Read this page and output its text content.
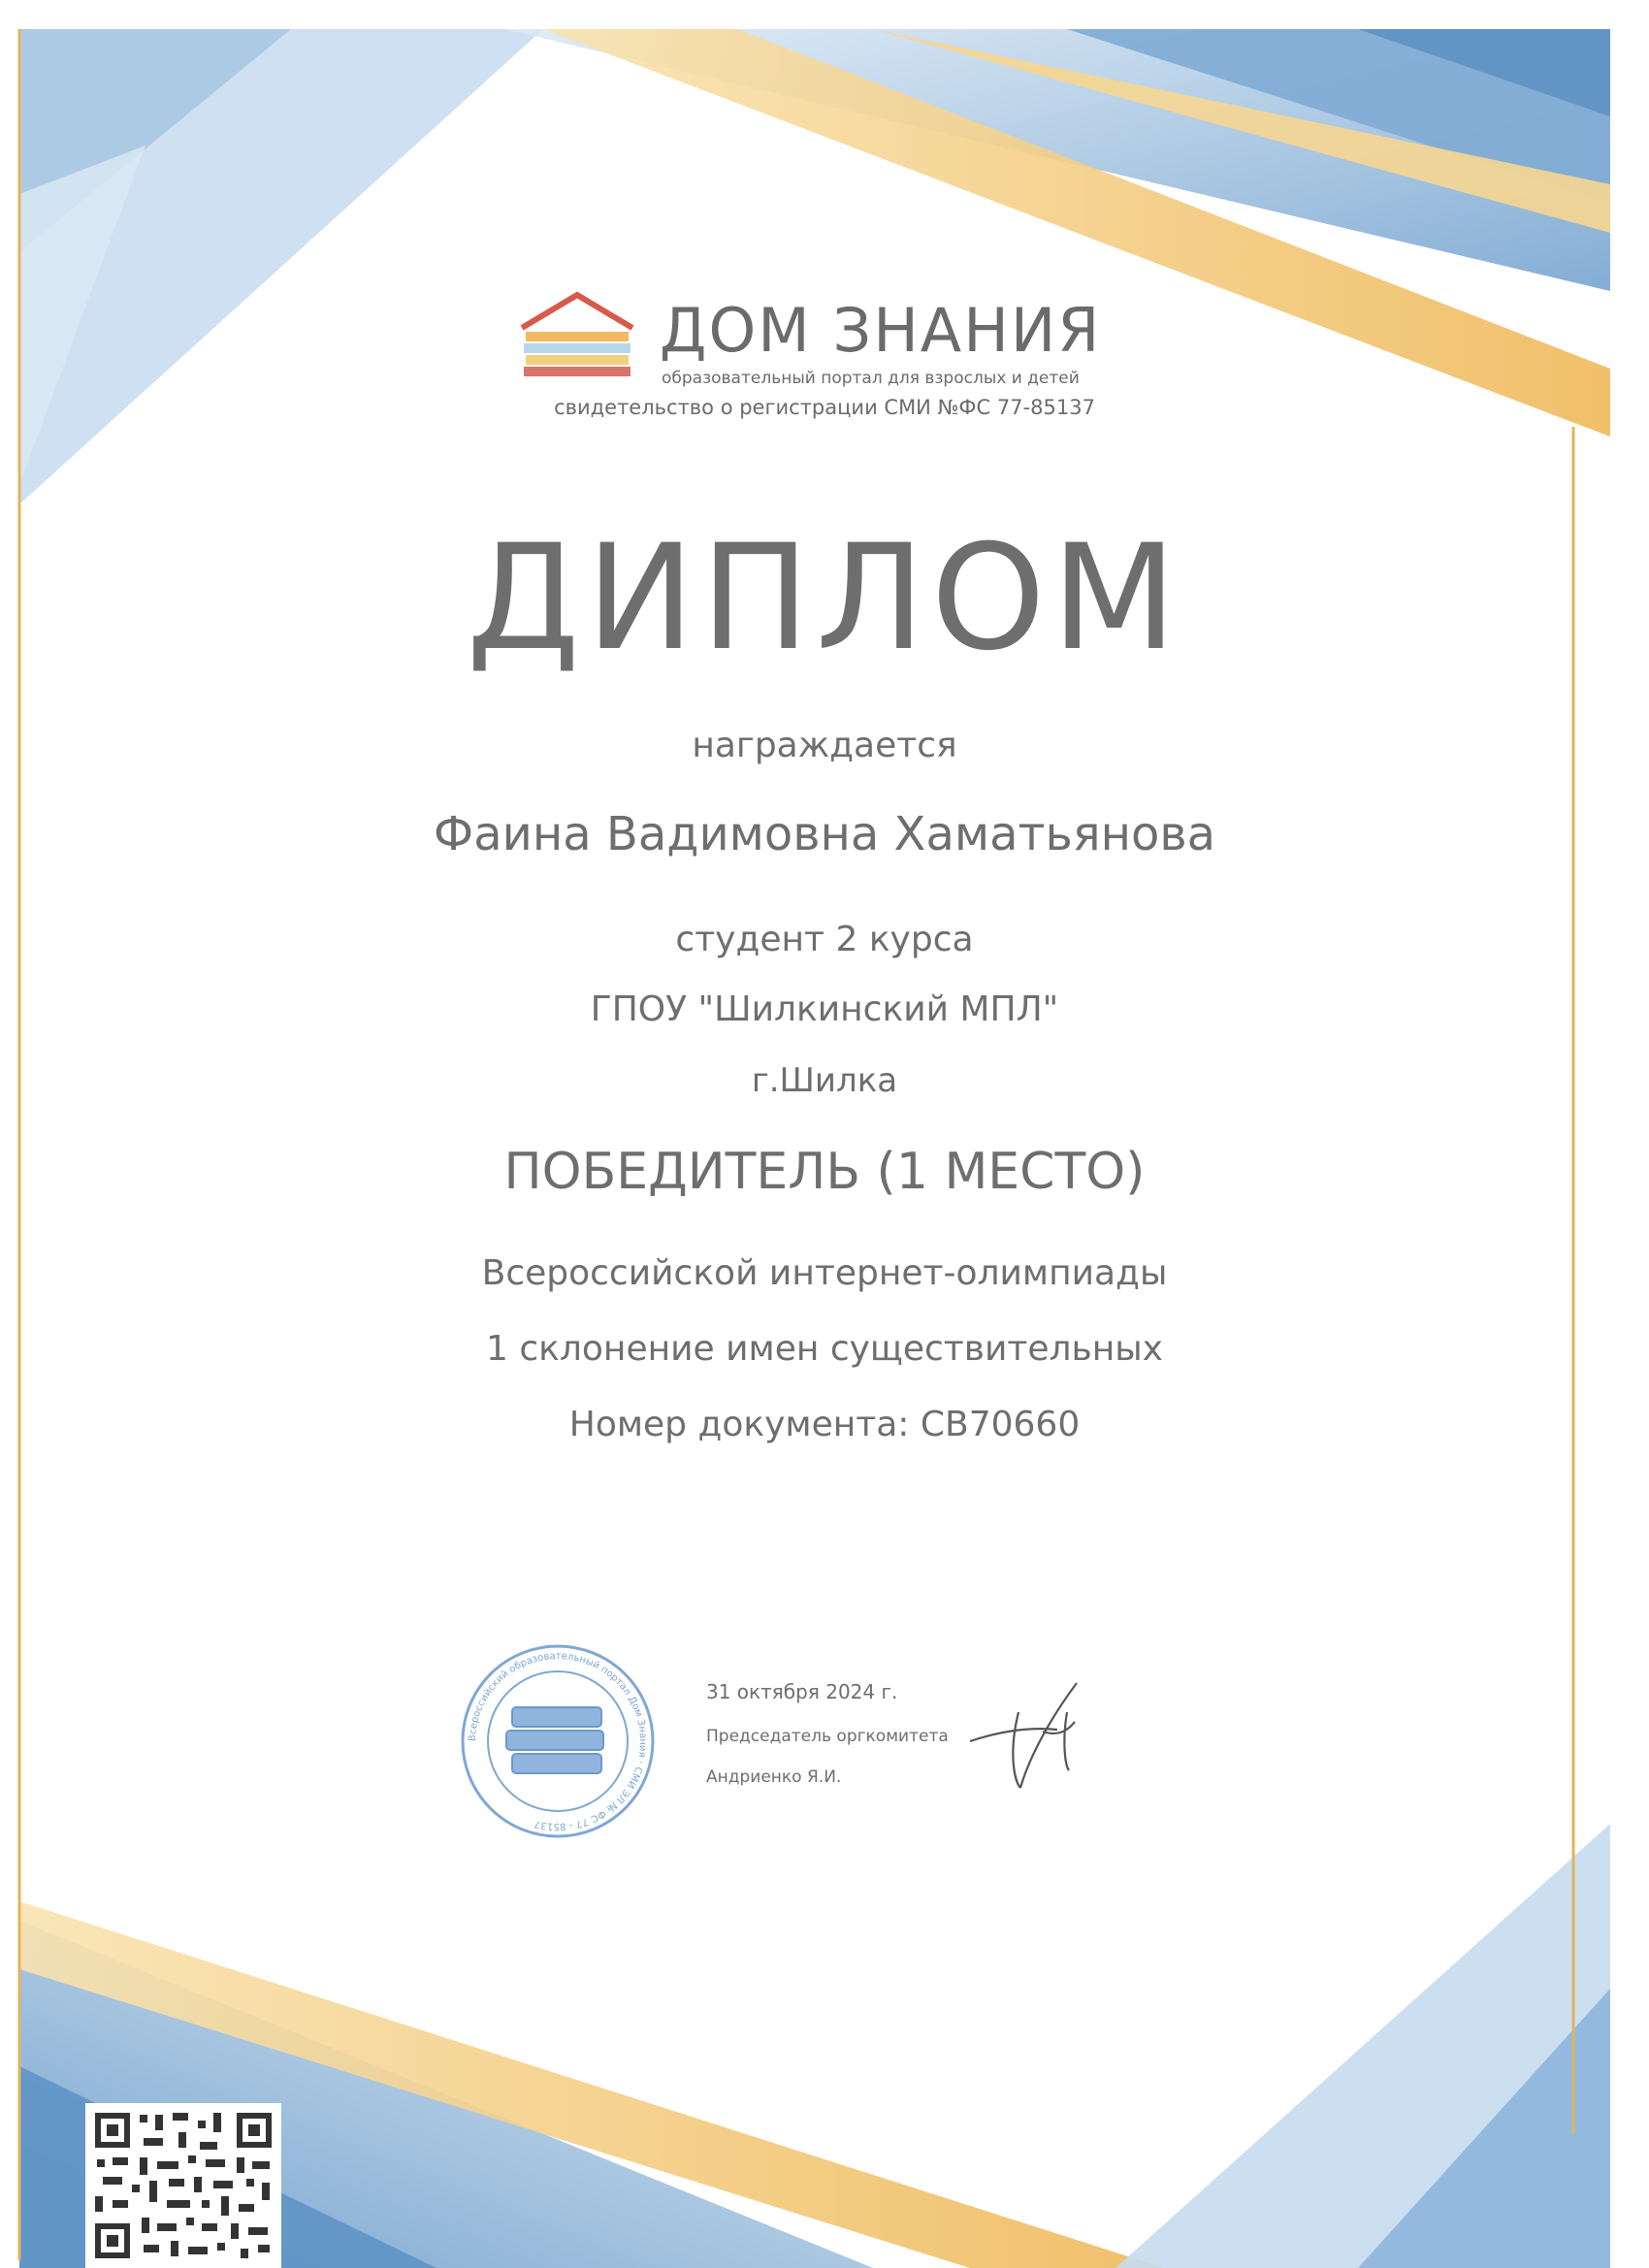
ДОМ ЗНАНИЯ
образовательный портал для взрослых и детей
свидетельство о регистрации СМИ №ФС 77-85137
ДИПЛОМ
награждается
Фаина Вадимовна Хаматьянова
студент 2 курса
ГПОУ "Шилкинский МПЛ"
г.Шилка
ПОБЕДИТЕЛЬ (1 МЕСТО)
Всероссийской интернет-олимпиады
1 склонение имен существительных
Номер документа: СВ70660
Всероссийский образовательный портал Дом Знания · СМИ ЭЛ № ФС 77 - 85137
31 октября 2024 г.
Председатель оргкомитета
Андриенко Я.И.
